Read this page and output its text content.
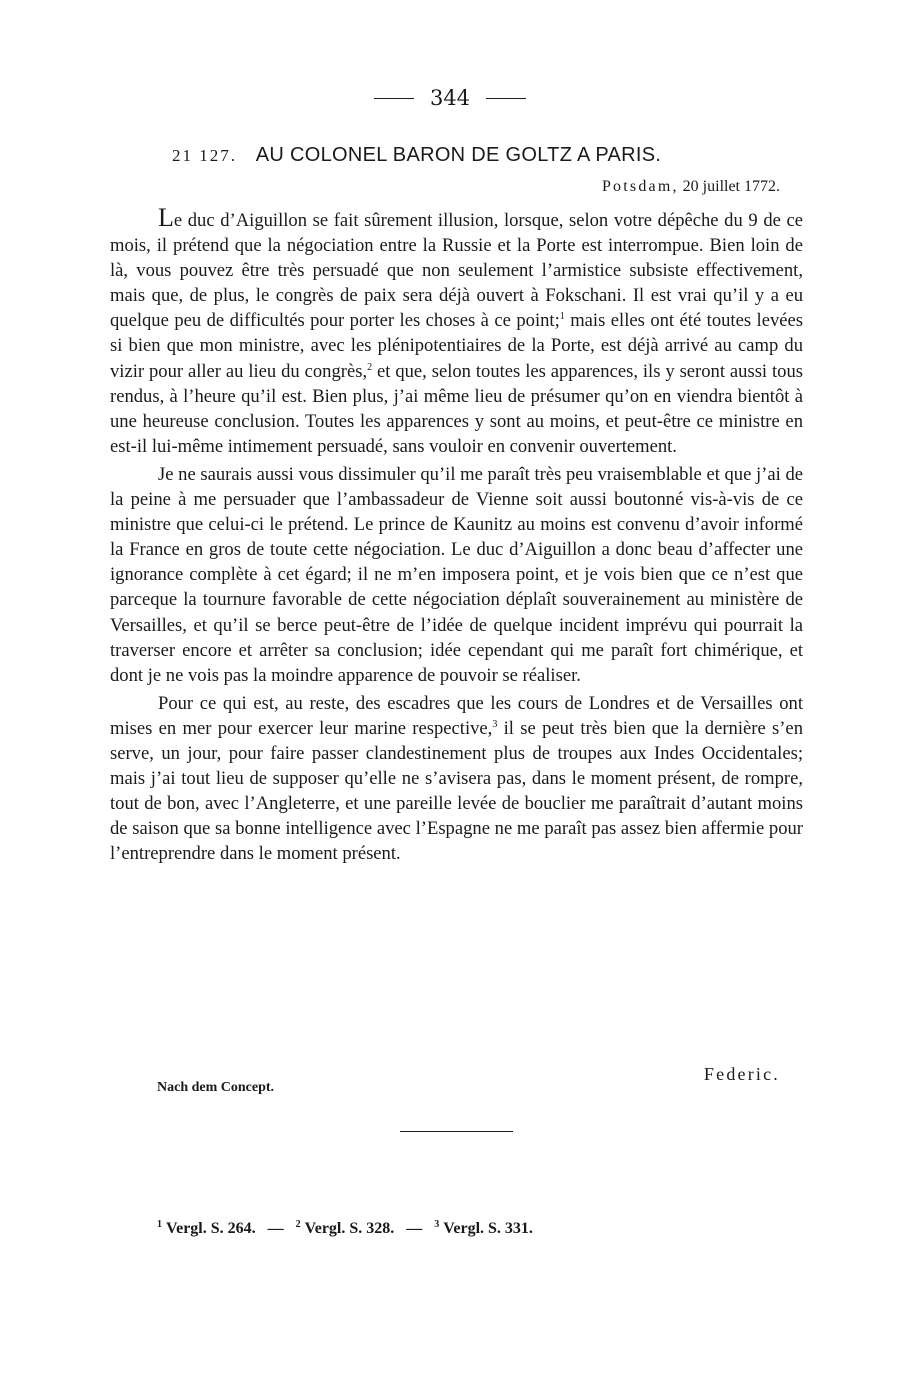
344
21 127. AU COLONEL BARON DE GOLTZ A PARIS.
Potsdam, 20 juillet 1772.

Le duc d’Aiguillon se fait sûrement illusion, lorsque, selon votre dépêche du 9 de ce mois, il prétend que la négociation entre la Russie et la Porte est interrompue. Bien loin de là, vous pouvez être très persuadé que non seulement l’armistice subsiste effectivement, mais que, de plus, le congrès de paix sera déjà ouvert à Fokschani. Il est vrai qu’il y a eu quelque peu de difficultés pour porter les choses à ce point;$^1$ mais elles ont été toutes levées si bien que mon ministre, avec les plénipotentiaires de la Porte, est déjà arrivé au camp du vizir pour aller au lieu du congrès,$^2$ et que, selon toutes les apparences, ils y seront aussi tous rendus, à l’heure qu’il est. Bien plus, j’ai même lieu de présumer qu’on en viendra bientôt à une heureuse conclusion. Toutes les apparences y sont au moins, et peut-être ce ministre en est-il lui-même intimement persuadé, sans vouloir en convenir ouvertement.

Je ne saurais aussi vous dissimuler qu’il me paraît très peu vraisemblable et que j’ai de la peine à me persuader que l’ambassadeur de Vienne soit aussi boutonné vis-à-vis de ce ministre que celui-ci le prétend. Le prince de Kaunitz au moins est convenu d’avoir informé la France en gros de toute cette négociation. Le duc d’Aiguillon a donc beau d’affecter une ignorance complète à cet égard; il ne m’en imposera point, et je vois bien que ce n’est que parceque la tournure favorable de cette négociation déplaît souverainement au ministère de Versailles, et qu’il se berce peut-être de l’idée de quelque incident imprévu qui pourrait la traverser encore et arrêter sa conclusion; idée cependant qui me paraît fort chimérique, et dont je ne vois pas la moindre apparence de pouvoir se réaliser.

Pour ce qui est, au reste, des escadres que les cours de Londres et de Versailles ont mises en mer pour exercer leur marine respective,$^3$ il se peut très bien que la dernière s’en serve, un jour, pour faire passer clandestinement plus de troupes aux Indes Occidentales; mais j’ai tout lieu de supposer qu’elle ne s’avisera pas, dans le moment présent, de rompre, tout de bon, avec l’Angleterre, et une pareille levée de bouclier me paraîtrait d’autant moins de saison que sa bonne intelligence avec l’Espagne ne me paraît pas assez bien affermie pour l’entreprendre dans le moment présent.

Federic.
Nach dem Concept.
$^1$ Vergl. S. 264. — $^2$ Vergl. S. 328. — $^3$ Vergl. S. 331.
